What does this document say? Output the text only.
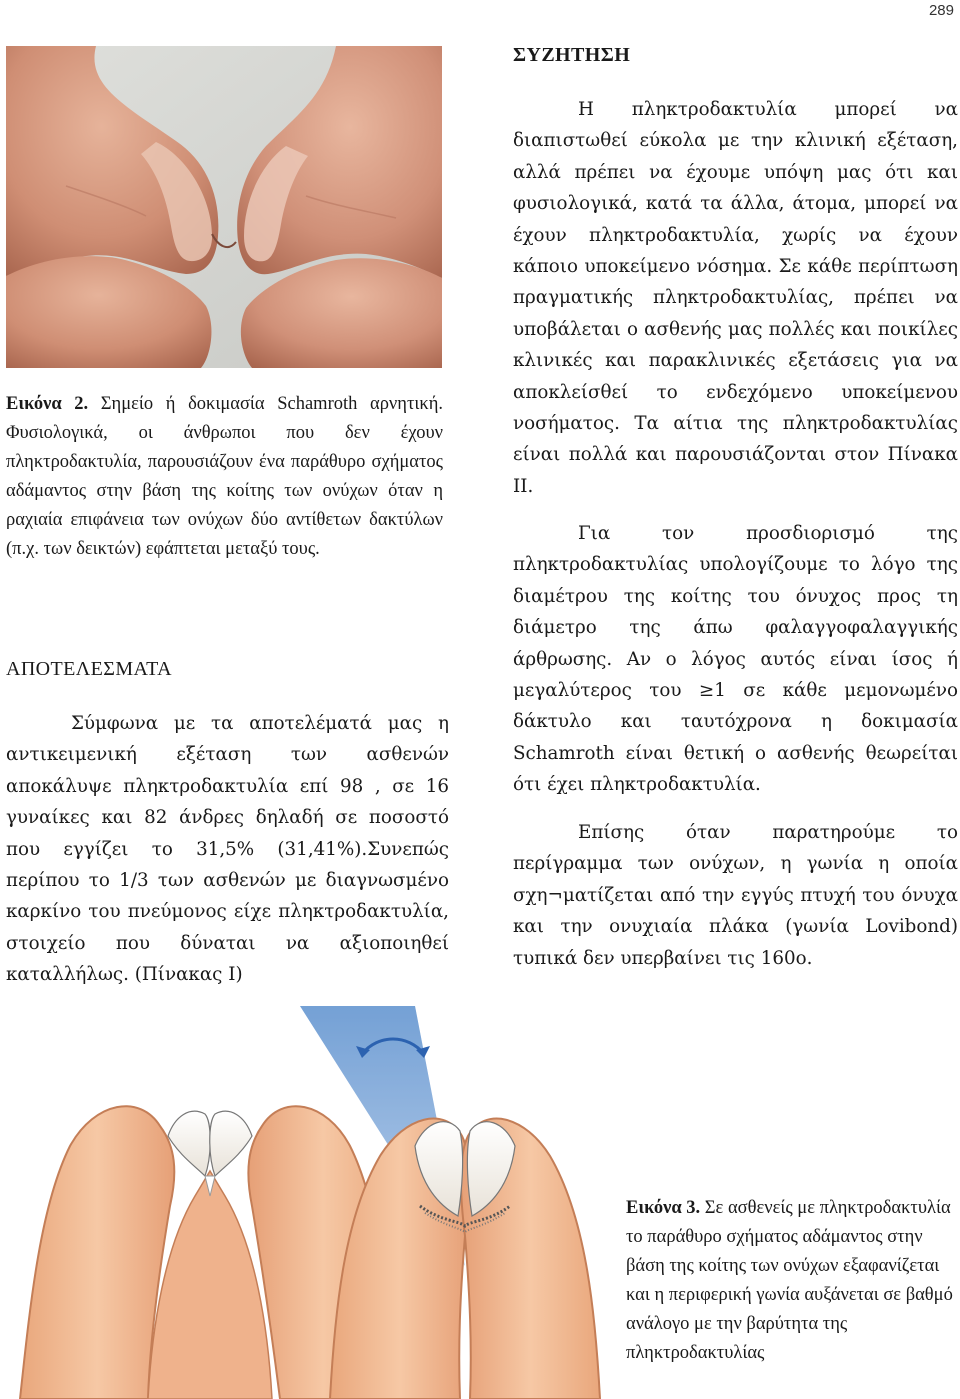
289
Εικόνα 2. Σημείο ή δοκιμασία Schamroth αρνητική. Φυσιολογικά, οι άνθρωποι που δεν έχουν πληκτροδακτυλία, παρουσιάζουν ένα παράθυρο σχήματος αδάμαντος στην βάση της κοίτης των ονύχων όταν η ραχιαία επιφάνεια των ονύχων δύο αντίθετων δακτύλων (π.χ. των δεικτών) εφάπτεται μεταξύ τους.
ΑΠΟΤΕΛΕΣΜΑΤΑ
Σύμφωνα με τα αποτελέματά μας η αντικειμενική εξέταση των ασθενών αποκάλυψε πληκτροδακτυλία επί 98 , σε 16 γυναίκες και 82 άνδρες δηλαδή σε ποσοστό που εγγίζει το 31,5% (31,41%).Συνεπώς περίπου το 1/3 των ασθενών με διαγνωσμένο καρκίνο του πνεύμονος είχε πληκτροδακτυλία, στοιχείο που δύναται να αξιοποιηθεί καταλλήλως. (Πίνακας Ι)
ΣΥΖΗΤΗΣΗ

Η πληκτροδακτυλία μπορεί να διαπιστωθεί εύκολα με την κλινική εξέταση, αλλά πρέπει να έχουμε υπόψη μας ότι και φυσιολογικά, κατά τα άλλα, άτομα, μπορεί να έχουν πληκτροδακτυλία, χωρίς να έχουν κάποιο υποκείμενο νόσημα. Σε κάθε περίπτωση πραγματικής πληκτροδακτυλίας, πρέπει να υποβάλεται ο ασθενής μας πολλές και ποικίλες κλινικές και παρακλινικές εξετάσεις για να αποκλείσθεί το ενδεχόμενο υποκείμενου νοσήματος. Τα αίτια της πληκτροδακτυλίας είναι πολλά και παρουσιάζονται στον Πίνακα ΙΙ.

Για τον προσδιορισμό της πληκτροδακτυλίας υπολογίζουμε το λόγο της διαμέτρου της κοίτης του όνυχος προς τη διάμετρο της άπω φαλαγγοφαλαγγικής άρθρωσης. Αν ο λόγος αυτός είναι ίσος ή μεγαλύτερος του ≥1 σε κάθε μεμονωμένο δάκτυλο και ταυτόχρονα η δοκιμασία Schamroth είναι θετική ο ασθενής θεωρείται ότι έχει πληκτροδακτυλία.

Επίσης όταν παρατηρούμε το περίγραμμα των ονύχων, η γωνία η οποία σχη¬ματίζεται από την εγγύς πτυχή του όνυχα και την ονυχιαία πλάκα (γωνία Lovibond) τυπικά δεν υπερβαίνει τις 160ο.

Εικόνα 3. Σε ασθενείς με πληκτροδακτυλία το παράθυρο σχήματος αδάμαντος στην βάση της κοίτης των ονύχων εξαφανίζεται και η περιφερική γωνία αυξάνεται σε βαθμό ανάλογο με την βαρύτητα της πληκτροδακτυλίας
